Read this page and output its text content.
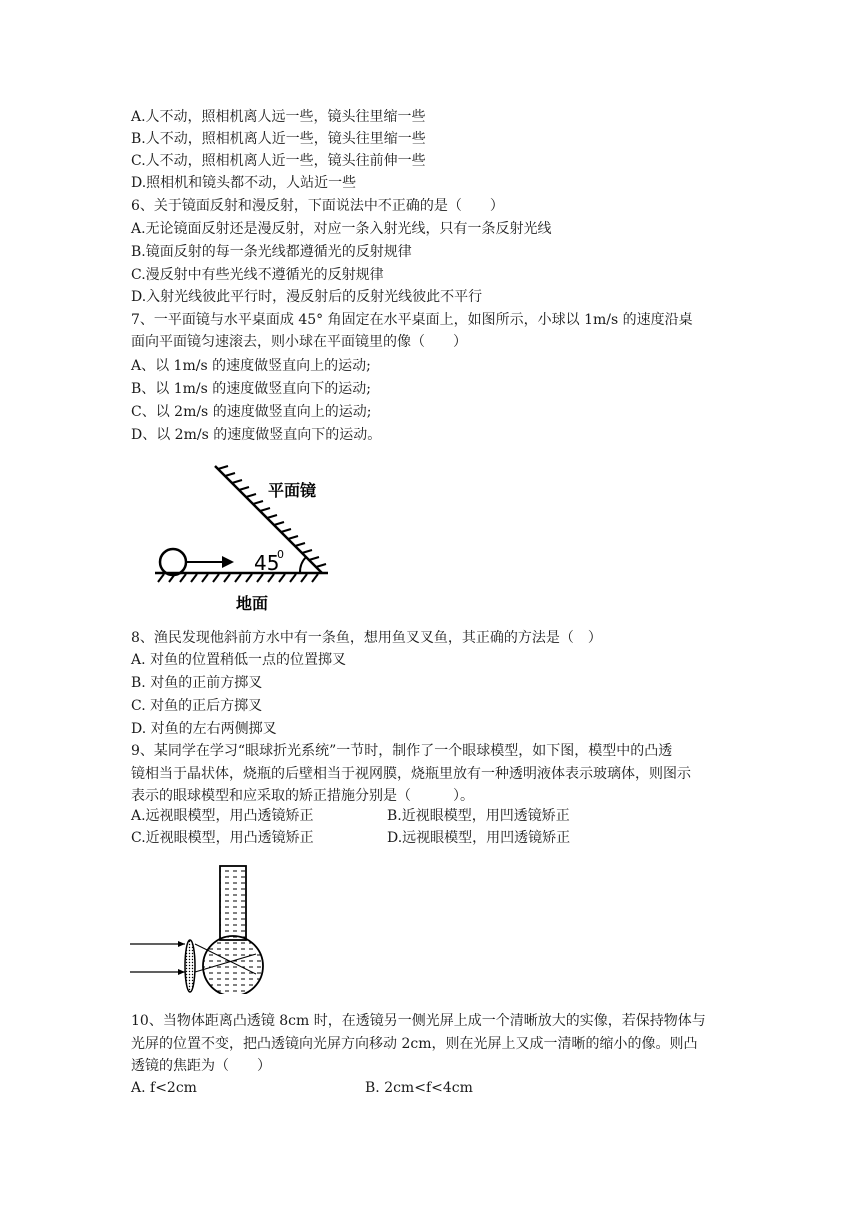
A.人不动，照相机离人远一些，镜头往里缩一些
B.人不动，照相机离人近一些，镜头往里缩一些
C.人不动，照相机离人近一些，镜头往前伸一些
D.照相机和镜头都不动，人站近一些
6、关于镜面反射和漫反射，下面说法中不正确的是（　　）
A.无论镜面反射还是漫反射，对应一条入射光线，只有一条反射光线
B.镜面反射的每一条光线都遵循光的反射规律
C.漫反射中有些光线不遵循光的反射规律
D.入射光线彼此平行时，漫反射后的反射光线彼此不平行
7、一平面镜与水平桌面成 45° 角固定在水平桌面上，如图所示，小球以 1m/s 的速度沿桌
面向平面镜匀速滚去，则小球在平面镜里的像（　　）
A、以 1m/s 的速度做竖直向上的运动;
B、以 1m/s 的速度做竖直向下的运动;
C、以 2m/s 的速度做竖直向上的运动;
D、以 2m/s 的速度做竖直向下的运动。
平面镜
45
0
地面
8、渔民发现他斜前方水中有一条鱼，想用鱼叉叉鱼，其正确的方法是（　）
A. 对鱼的位置稍低一点的位置掷叉
B. 对鱼的正前方掷叉
C. 对鱼的正后方掷叉
D. 对鱼的左右两侧掷叉
9、某同学在学习“眼球折光系统”一节时，制作了一个眼球模型，如下图，模型中的凸透
镜相当于晶状体，烧瓶的后壁相当于视网膜，烧瓶里放有一种透明液体表示玻璃体，则图示
表示的眼球模型和应采取的矫正措施分别是（　　　）。
A.远视眼模型，用凸透镜矫正	B.近视眼模型，用凹透镜矫正
C.近视眼模型，用凸透镜矫正	D.远视眼模型，用凹透镜矫正
10、当物体距离凸透镜 8cm 时，在透镜另一侧光屏上成一个清晰放大的实像，若保持物体与
光屏的位置不变，把凸透镜向光屏方向移动 2cm，则在光屏上又成一清晰的缩小的像。则凸
透镜的焦距为（　　）
A. f<2cm	B. 2cm<f<4cm
